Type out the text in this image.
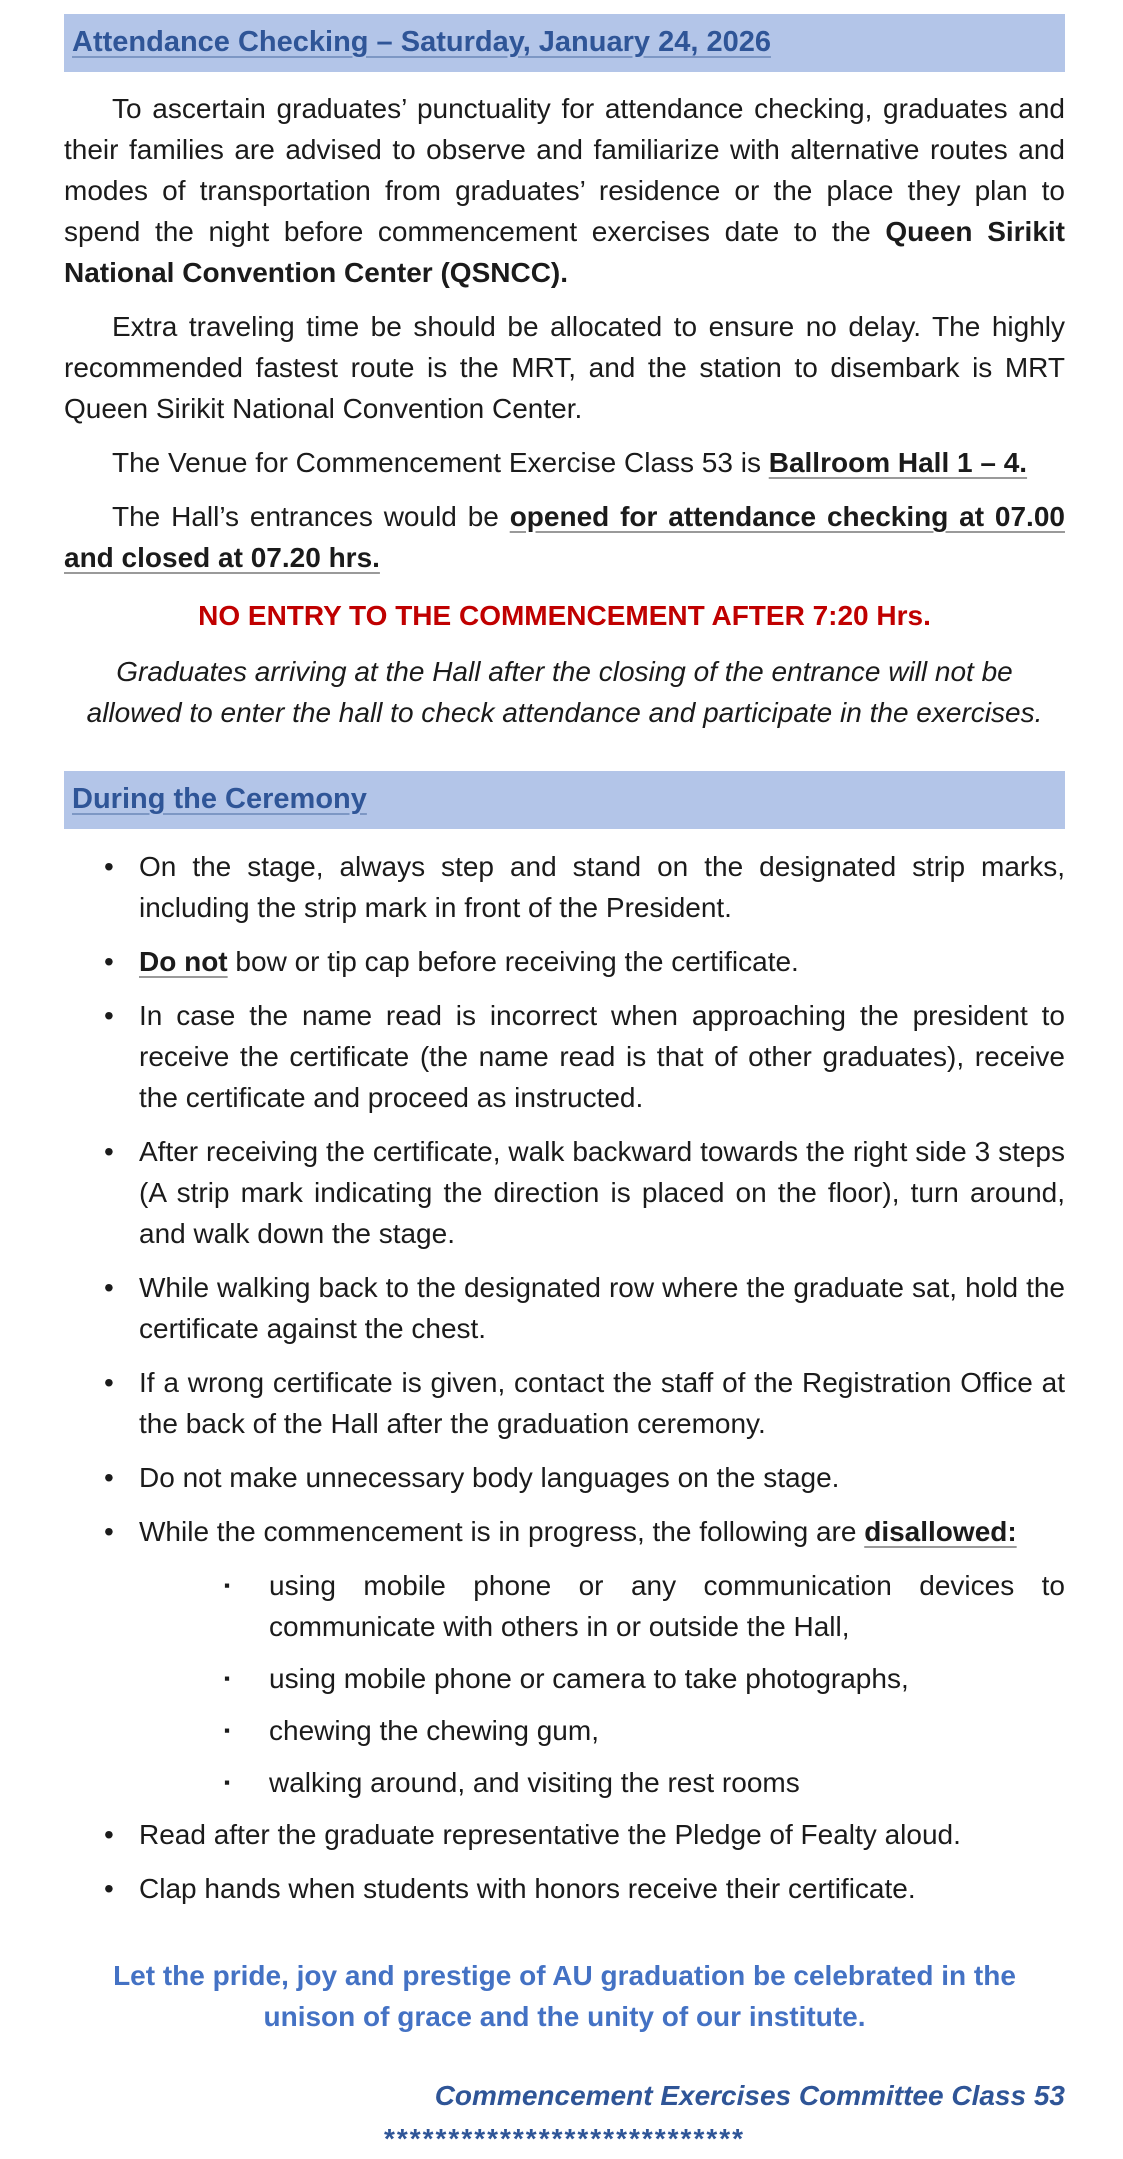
Attendance Checking – Saturday, January 24, 2026
To ascertain graduates’ punctuality for attendance checking, graduates and their families are advised to observe and familiarize with alternative routes and modes of transportation from graduates’ residence or the place they plan to spend the night before commencement exercises date to the Queen Sirikit National Convention Center (QSNCC).
Extra traveling time be should be allocated to ensure no delay. The highly recommended fastest route is the MRT, and the station to disembark is MRT Queen Sirikit National Convention Center.
The Venue for Commencement Exercise Class 53 is Ballroom Hall 1 – 4.
The Hall’s entrances would be opened for attendance checking at 07.00 and closed at 07.20 hrs.
NO ENTRY TO THE COMMENCEMENT AFTER 7:20 Hrs.
Graduates arriving at the Hall after the closing of the entrance will not be allowed to enter the hall to check attendance and participate in the exercises.
During the Ceremony
• On the stage, always step and stand on the designated strip marks, including the strip mark in front of the President.
• Do not bow or tip cap before receiving the certificate.
• In case the name read is incorrect when approaching the president to receive the certificate (the name read is that of other graduates), receive the certificate and proceed as instructed.
• After receiving the certificate, walk backward towards the right side 3 steps (A strip mark indicating the direction is placed on the floor), turn around, and walk down the stage.
• While walking back to the designated row where the graduate sat, hold the certificate against the chest.
• If a wrong certificate is given, contact the staff of the Registration Office at the back of the Hall after the graduation ceremony.
• Do not make unnecessary body languages on the stage.
• While the commencement is in progress, the following are disallowed:
▪	using mobile phone or any communication devices to communicate with others in or outside the Hall,
▪	using mobile phone or camera to take photographs,
▪	chewing the chewing gum,
▪	walking around, and visiting the rest rooms
• Read after the graduate representative the Pledge of Fealty aloud.
• Clap hands when students with honors receive their certificate.
Let the pride, joy and prestige of AU graduation be celebrated in the unison of grace and the unity of our institute.
Commencement Exercises Committee Class 53
****************************
